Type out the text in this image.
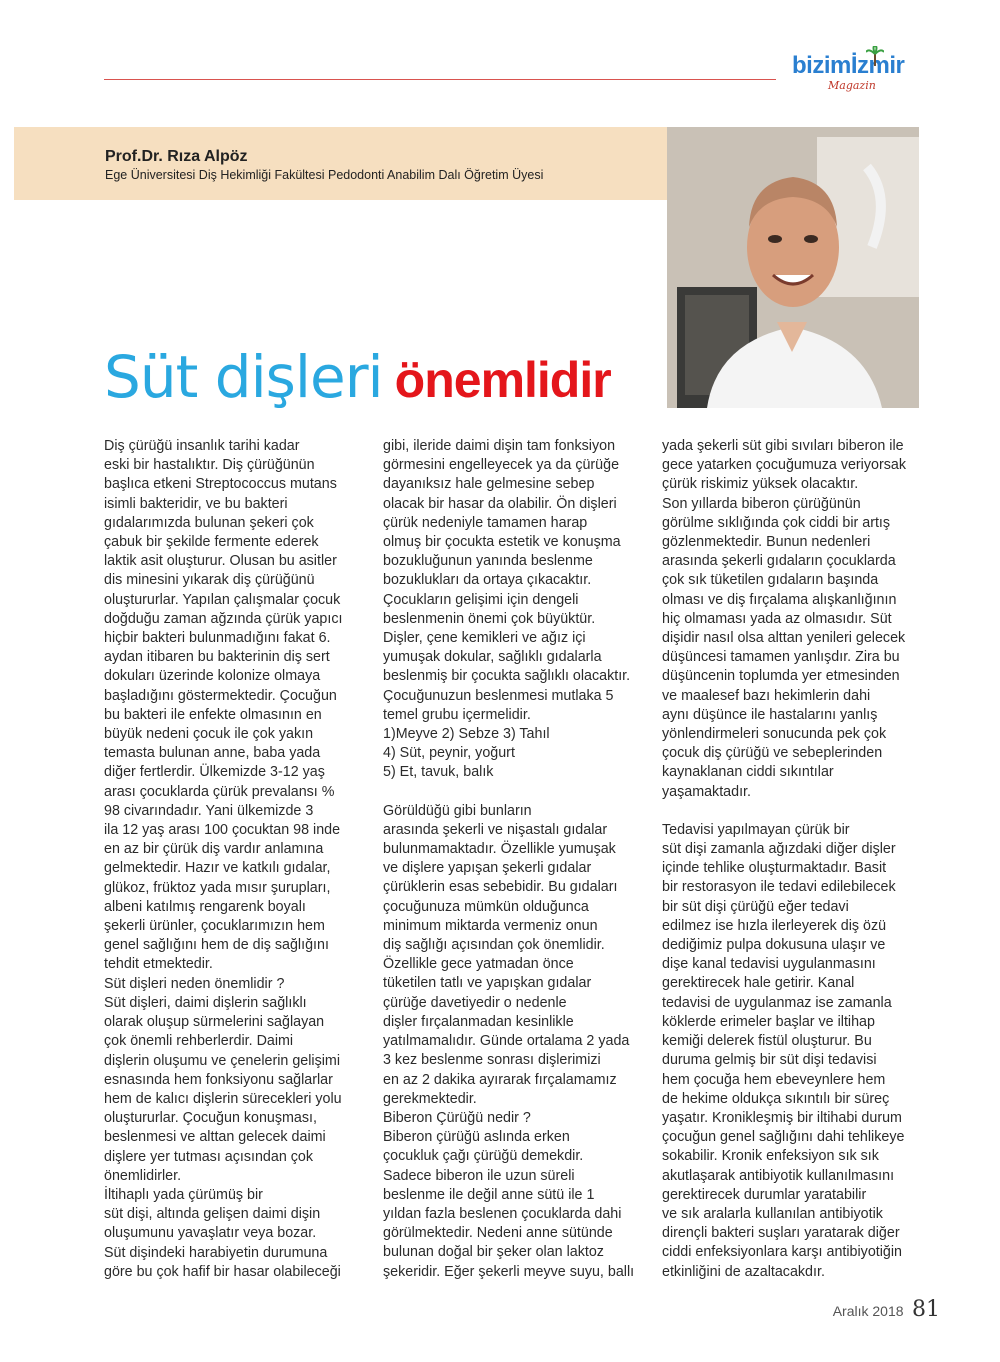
bizimİzmir
Magazin
Prof.Dr. Rıza Alpöz
Ege Üniversitesi Diş Hekimliği Fakültesi Pedodonti Anabilim Dalı Öğretim Üyesi
Süt dişleri önemlidir

Diş çürüğü insanlık tarihi kadar
eski bir hastalıktır. Diş çürüğünün
başlıca etkeni Streptococcus mutans
isimli bakteridir, ve bu bakteri
gıdalarımızda bulunan şekeri çok
çabuk bir şekilde fermente ederek
laktik asit oluşturur. Olusan bu asitler
dis minesini yıkarak diş çürüğünü
oluştururlar. Yapılan çalışmalar çocuk
doğduğu zaman ağzında çürük yapıcı
hiçbir bakteri bulunmadığını fakat 6.
aydan itibaren bu bakterinin diş sert
dokuları üzerinde kolonize olmaya
başladığını göstermektedir. Çocuğun
bu bakteri ile enfekte olmasının en
büyük nedeni çocuk ile çok yakın
temasta bulunan anne, baba yada
diğer fertlerdir. Ülkemizde 3-12 yaş
arası çocuklarda çürük prevalansı %
98 civarındadır. Yani ülkemizde 3
ila 12 yaş arası 100 çocuktan 98 inde
en az bir çürük diş vardır anlamına
gelmektedir. Hazır ve katkılı gıdalar,
glükoz, früktoz yada mısır şurupları,
albeni katılmış rengarenk boyalı
şekerli ürünler, çocuklarımızın hem
genel sağlığını hem de diş sağlığını
tehdit etmektedir.

Süt dişleri neden önemlidir ?

Süt dişleri, daimi dişlerin sağlıklı
olarak oluşup sürmelerini sağlayan
çok önemli rehberlerdir. Daimi
dişlerin oluşumu ve çenelerin gelişimi
esnasında hem fonksiyonu sağlarlar
hem de kalıcı dişlerin sürecekleri yolu
oluştururlar. Çocuğun konuşması,
beslenmesi ve alttan gelecek daimi
dişlere yer tutması açısından çok
önemlidirler.

İltihaplı yada çürümüş bir
süt dişi, altında gelişen daimi dişin
oluşumunu yavaşlatır veya bozar.
Süt dişindeki harabiyetin durumuna
göre bu çok hafif bir hasar olabileceği

gibi, ileride daimi dişin tam fonksiyon
görmesini engelleyecek ya da çürüğe
dayanıksız hale gelmesine sebep
olacak bir hasar da olabilir. Ön dişleri
çürük nedeniyle tamamen harap
olmuş bir çocukta estetik ve konuşma
bozukluğunun yanında beslenme
bozuklukları da ortaya çıkacaktır.

Çocukların gelişimi için dengeli
beslenmenin önemi çok büyüktür.
Dişler, çene kemikleri ve ağız içi
yumuşak dokular, sağlıklı gıdalarla
beslenmiş bir çocukta sağlıklı olacaktır.
Çocuğunuzun beslenmesi mutlaka 5
temel grubu içermelidir.

1)Meyve 2) Sebze 3) Tahıl
4) Süt, peynir, yoğurt
5) Et, tavuk, balık

Görüldüğü gibi bunların
arasında şekerli ve nişastalı gıdalar
bulunmamaktadır. Özellikle yumuşak
ve dişlere yapışan şekerli gıdalar
çürüklerin esas sebebidir. Bu gıdaları
çocuğunuza mümkün olduğunca
minimum miktarda vermeniz onun
diş sağlığı açısından çok önemlidir.
Özellikle gece yatmadan önce
tüketilen tatlı ve yapışkan gıdalar
çürüğe davetiyedir o nedenle
dişler fırçalanmadan kesinlikle
yatılmamalıdır. Günde ortalama 2 yada
3 kez beslenme sonrası dişlerimizi
en az 2 dakika ayırarak fırçalamamız
gerekmektedir.

Biberon Çürüğü nedir ?

Biberon çürüğü aslında erken
çocukluk çağı çürüğü demekdir.
Sadece biberon ile uzun süreli
beslenme ile değil anne sütü ile 1
yıldan fazla beslenen çocuklarda dahi
görülmektedir. Nedeni anne sütünde
bulunan doğal bir şeker olan laktoz
şekeridir. Eğer şekerli meyve suyu, ballı

yada şekerli süt gibi sıvıları biberon ile
gece yatarken çocuğumuza veriyorsak
çürük riskimiz yüksek olacaktır.
Son yıllarda biberon çürüğünün
görülme sıklığında çok ciddi bir artış
gözlenmektedir. Bunun nedenleri
arasında şekerli gıdaların çocuklarda
çok sık tüketilen gıdaların başında
olması ve diş fırçalama alışkanlığının
hiç olmaması yada az olmasıdır. Süt
dişidir nasıl olsa alttan yenileri gelecek
düşüncesi tamamen yanlışdır. Zira bu
düşüncenin toplumda yer etmesinden
ve maalesef bazı hekimlerin dahi
aynı düşünce ile hastalarını yanlış
yönlendirmeleri sonucunda pek çok
çocuk diş çürüğü ve sebeplerinden
kaynaklanan ciddi sıkıntılar
yaşamaktadır.

Tedavisi yapılmayan çürük bir
süt dişi zamanla ağızdaki diğer dişler
içinde tehlike oluşturmaktadır. Basit
bir restorasyon ile tedavi edilebilecek
bir süt dişi çürüğü eğer tedavi
edilmez ise hızla ilerleyerek diş özü
dediğimiz pulpa dokusuna ulaşır ve
dişe kanal tedavisi uygulanmasını
gerektirecek hale getirir. Kanal
tedavisi de uygulanmaz ise zamanla
köklerde erimeler başlar ve iltihap
kemiği delerek fistül oluşturur. Bu
duruma gelmiş bir süt dişi tedavisi
hem çocuğa hem ebeveynlere hem
de hekime oldukça sıkıntılı bir süreç
yaşatır. Kronikleşmiş bir iltihabi durum
çocuğun genel sağlığını dahi tehlikeye
sokabilir. Kronik enfeksiyon sık sık
akutlaşarak antibiyotik kullanılmasını
gerektirecek durumlar yaratabilir
ve sık aralarla kullanılan antibiyotik
dirençli bakteri suşları yaratarak diğer
ciddi enfeksiyonlara karşı antibiyotiğin
etkinliğini de azaltacakdır.

Aralık 2018 81
